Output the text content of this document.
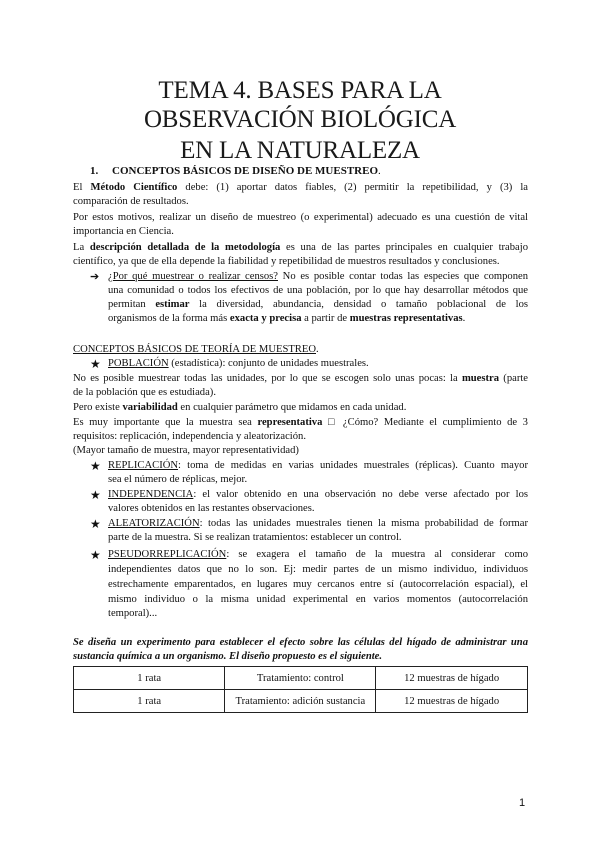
TEMA 4. BASES PARA LA
OBSERVACIÓN BIOLÓGICA
EN LA NATURALEZA
1. CONCEPTOS BÁSICOS DE DISEÑO DE MUESTREO.
El Método Científico debe: (1) aportar datos fiables, (2) permitir la repetibilidad, y (3) la
comparación de resultados.
Por estos motivos, realizar un diseño de muestreo (o experimental) adecuado es una cuestión de vital
importancia en Ciencia.
La descripción detallada de la metodología es una de las partes principales en cualquier trabajo
científico, ya que de ella depende la fiabilidad y repetibilidad de muestros resultados y conclusiones.
➔ ¿Por qué muestrear o realizar censos? No es posible contar todas las especies que componen
una comunidad o todos los efectivos de una población, por lo que hay desarrollar métodos que
permitan estimar la diversidad, abundancia, densidad o tamaño poblacional de los
organismos de la forma más exacta y precisa a partir de muestras representativas.
CONCEPTOS BÁSICOS DE TEORÍA DE MUESTREO.
★ POBLACIÓN (estadística): conjunto de unidades muestrales.
No es posible muestrear todas las unidades, por lo que se escogen solo unas pocas: la muestra (parte
de la población que es estudiada).
Pero existe variabilidad en cualquier parámetro que midamos en cada unidad.
Es muy importante que la muestra sea representativa □ ¿Cómo? Mediante el cumplimiento de 3
requisitos: replicación, independencia y aleatorización.
(Mayor tamaño de muestra, mayor representatividad)
★ REPLICACIÓN: toma de medidas en varias unidades muestrales (réplicas). Cuanto mayor
sea el número de réplicas, mejor.
★ INDEPENDENCIA: el valor obtenido en una observación no debe verse afectado por los
valores obtenidos en las restantes observaciones.
★ ALEATORIZACIÓN: todas las unidades muestrales tienen la misma probabilidad de formar
parte de la muestra. Si se realizan tratamientos: establecer un control.
★ PSEUDORREPLICACIÓN: se exagera el tamaño de la muestra al considerar como
independientes datos que no lo son. Ej: medir partes de un mismo individuo, individuos
estrechamente emparentados, en lugares muy cercanos entre sí (autocorrelación espacial), el
mismo individuo o la misma unidad experimental en varios momentos (autocorrelación
temporal)...
Se diseña un experimento para establecer el efecto sobre las células del hígado de administrar una
sustancia química a un organismo. El diseño propuesto es el siguiente.
1 rata	Tratamiento: control	12 muestras de hígado
1 rata	Tratamiento: adición sustancia	12 muestras de hígado
1
